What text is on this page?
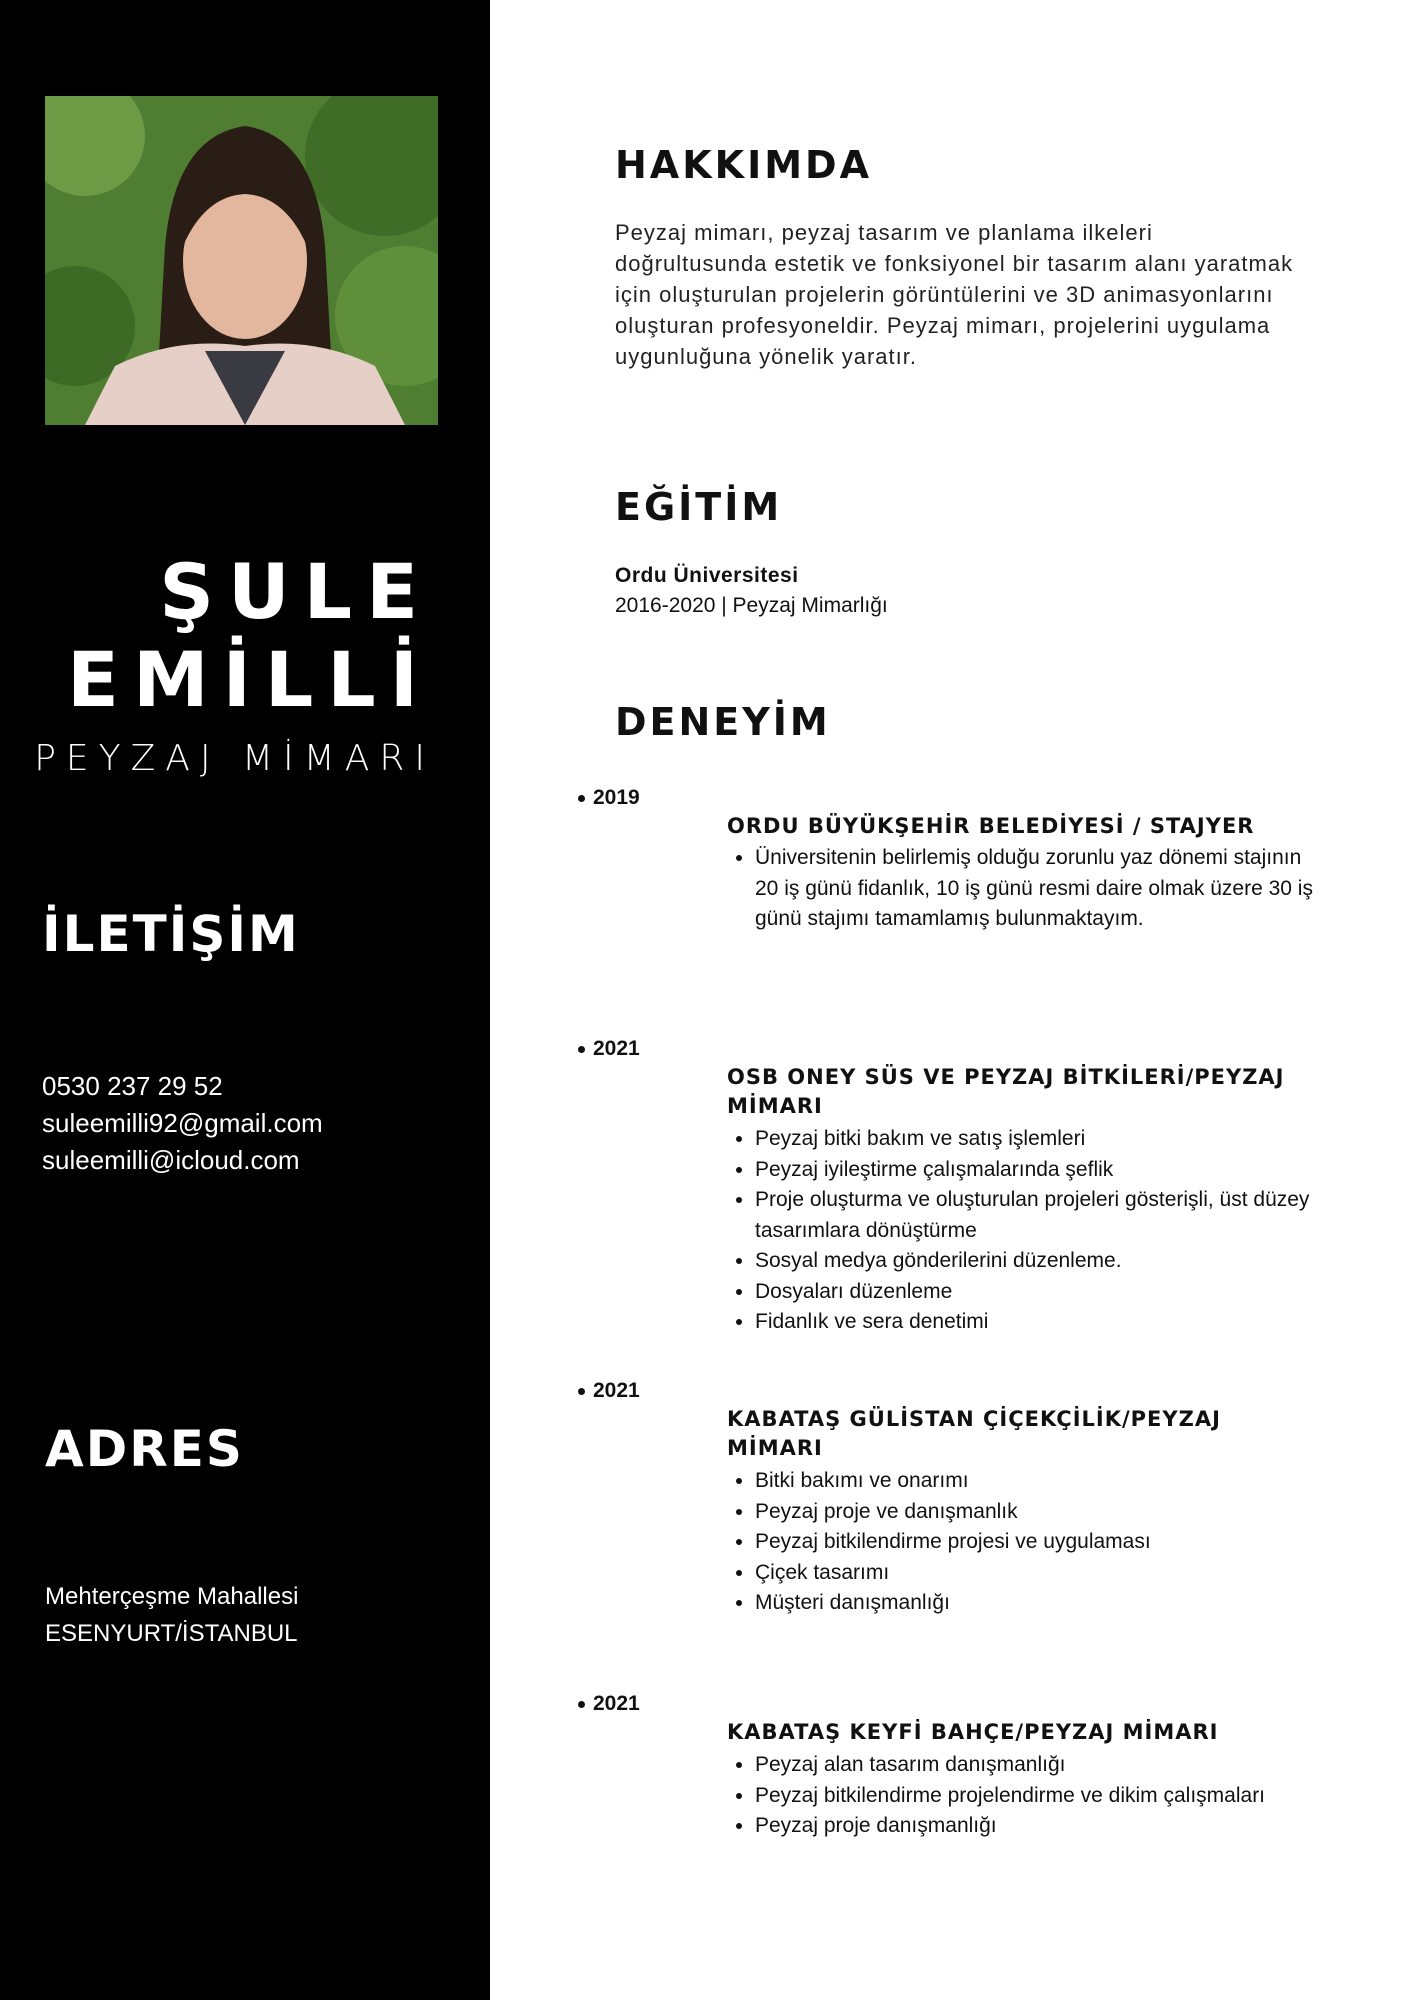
ŞULE
EMİLLİ
PEYZAJ MİMARI
İLETİŞİM
0530 237 29 52
suleemilli92@gmail.com
suleemilli@icloud.com
ADRES
Mehterçeşme Mahallesi
ESENYURT/İSTANBUL
HAKKIMDA
Peyzaj mimarı, peyzaj tasarım ve planlama ilkeleri doğrultusunda estetik ve fonksiyonel bir tasarım alanı yaratmak için oluşturulan projelerin görüntülerini ve 3D animasyonlarını oluşturan profesyoneldir. Peyzaj mimarı, projelerini uygulama uygunluğuna yönelik yaratır.
EĞİTİM
Ordu Üniversitesi
2016-2020 | Peyzaj Mimarlığı
DENEYİM
2019
ORDU BÜYÜKŞEHİR BELEDİYESİ / STAJYER
• Üniversitenin belirlemiş olduğu zorunlu yaz dönemi stajının 20 iş günü fidanlık, 10 iş günü resmi daire olmak üzere 30 iş günü stajımı tamamlamış bulunmaktayım.
2021
OSB ONEY SÜS VE PEYZAJ BİTKİLERİ/PEYZAJ MİMARI
• Peyzaj bitki bakım ve satış işlemleri
• Peyzaj iyileştirme çalışmalarında şeflik
• Proje oluşturma ve oluşturulan projeleri gösterişli, üst düzey tasarımlara dönüştürme
• Sosyal medya gönderilerini düzenleme.
• Dosyaları düzenleme
• Fidanlık ve sera denetimi
2021
KABATAŞ GÜLİSTAN ÇİÇEKÇİLİK/PEYZAJ MİMARI
• Bitki bakımı ve onarımı
• Peyzaj proje ve danışmanlık
• Peyzaj bitkilendirme projesi ve uygulaması
• Çiçek tasarımı
• Müşteri danışmanlığı
2021
KABATAŞ KEYFİ BAHÇE/PEYZAJ MİMARI
• Peyzaj alan tasarım danışmanlığı
• Peyzaj bitkilendirme projelendirme ve dikim çalışmaları
• Peyzaj proje danışmanlığı
